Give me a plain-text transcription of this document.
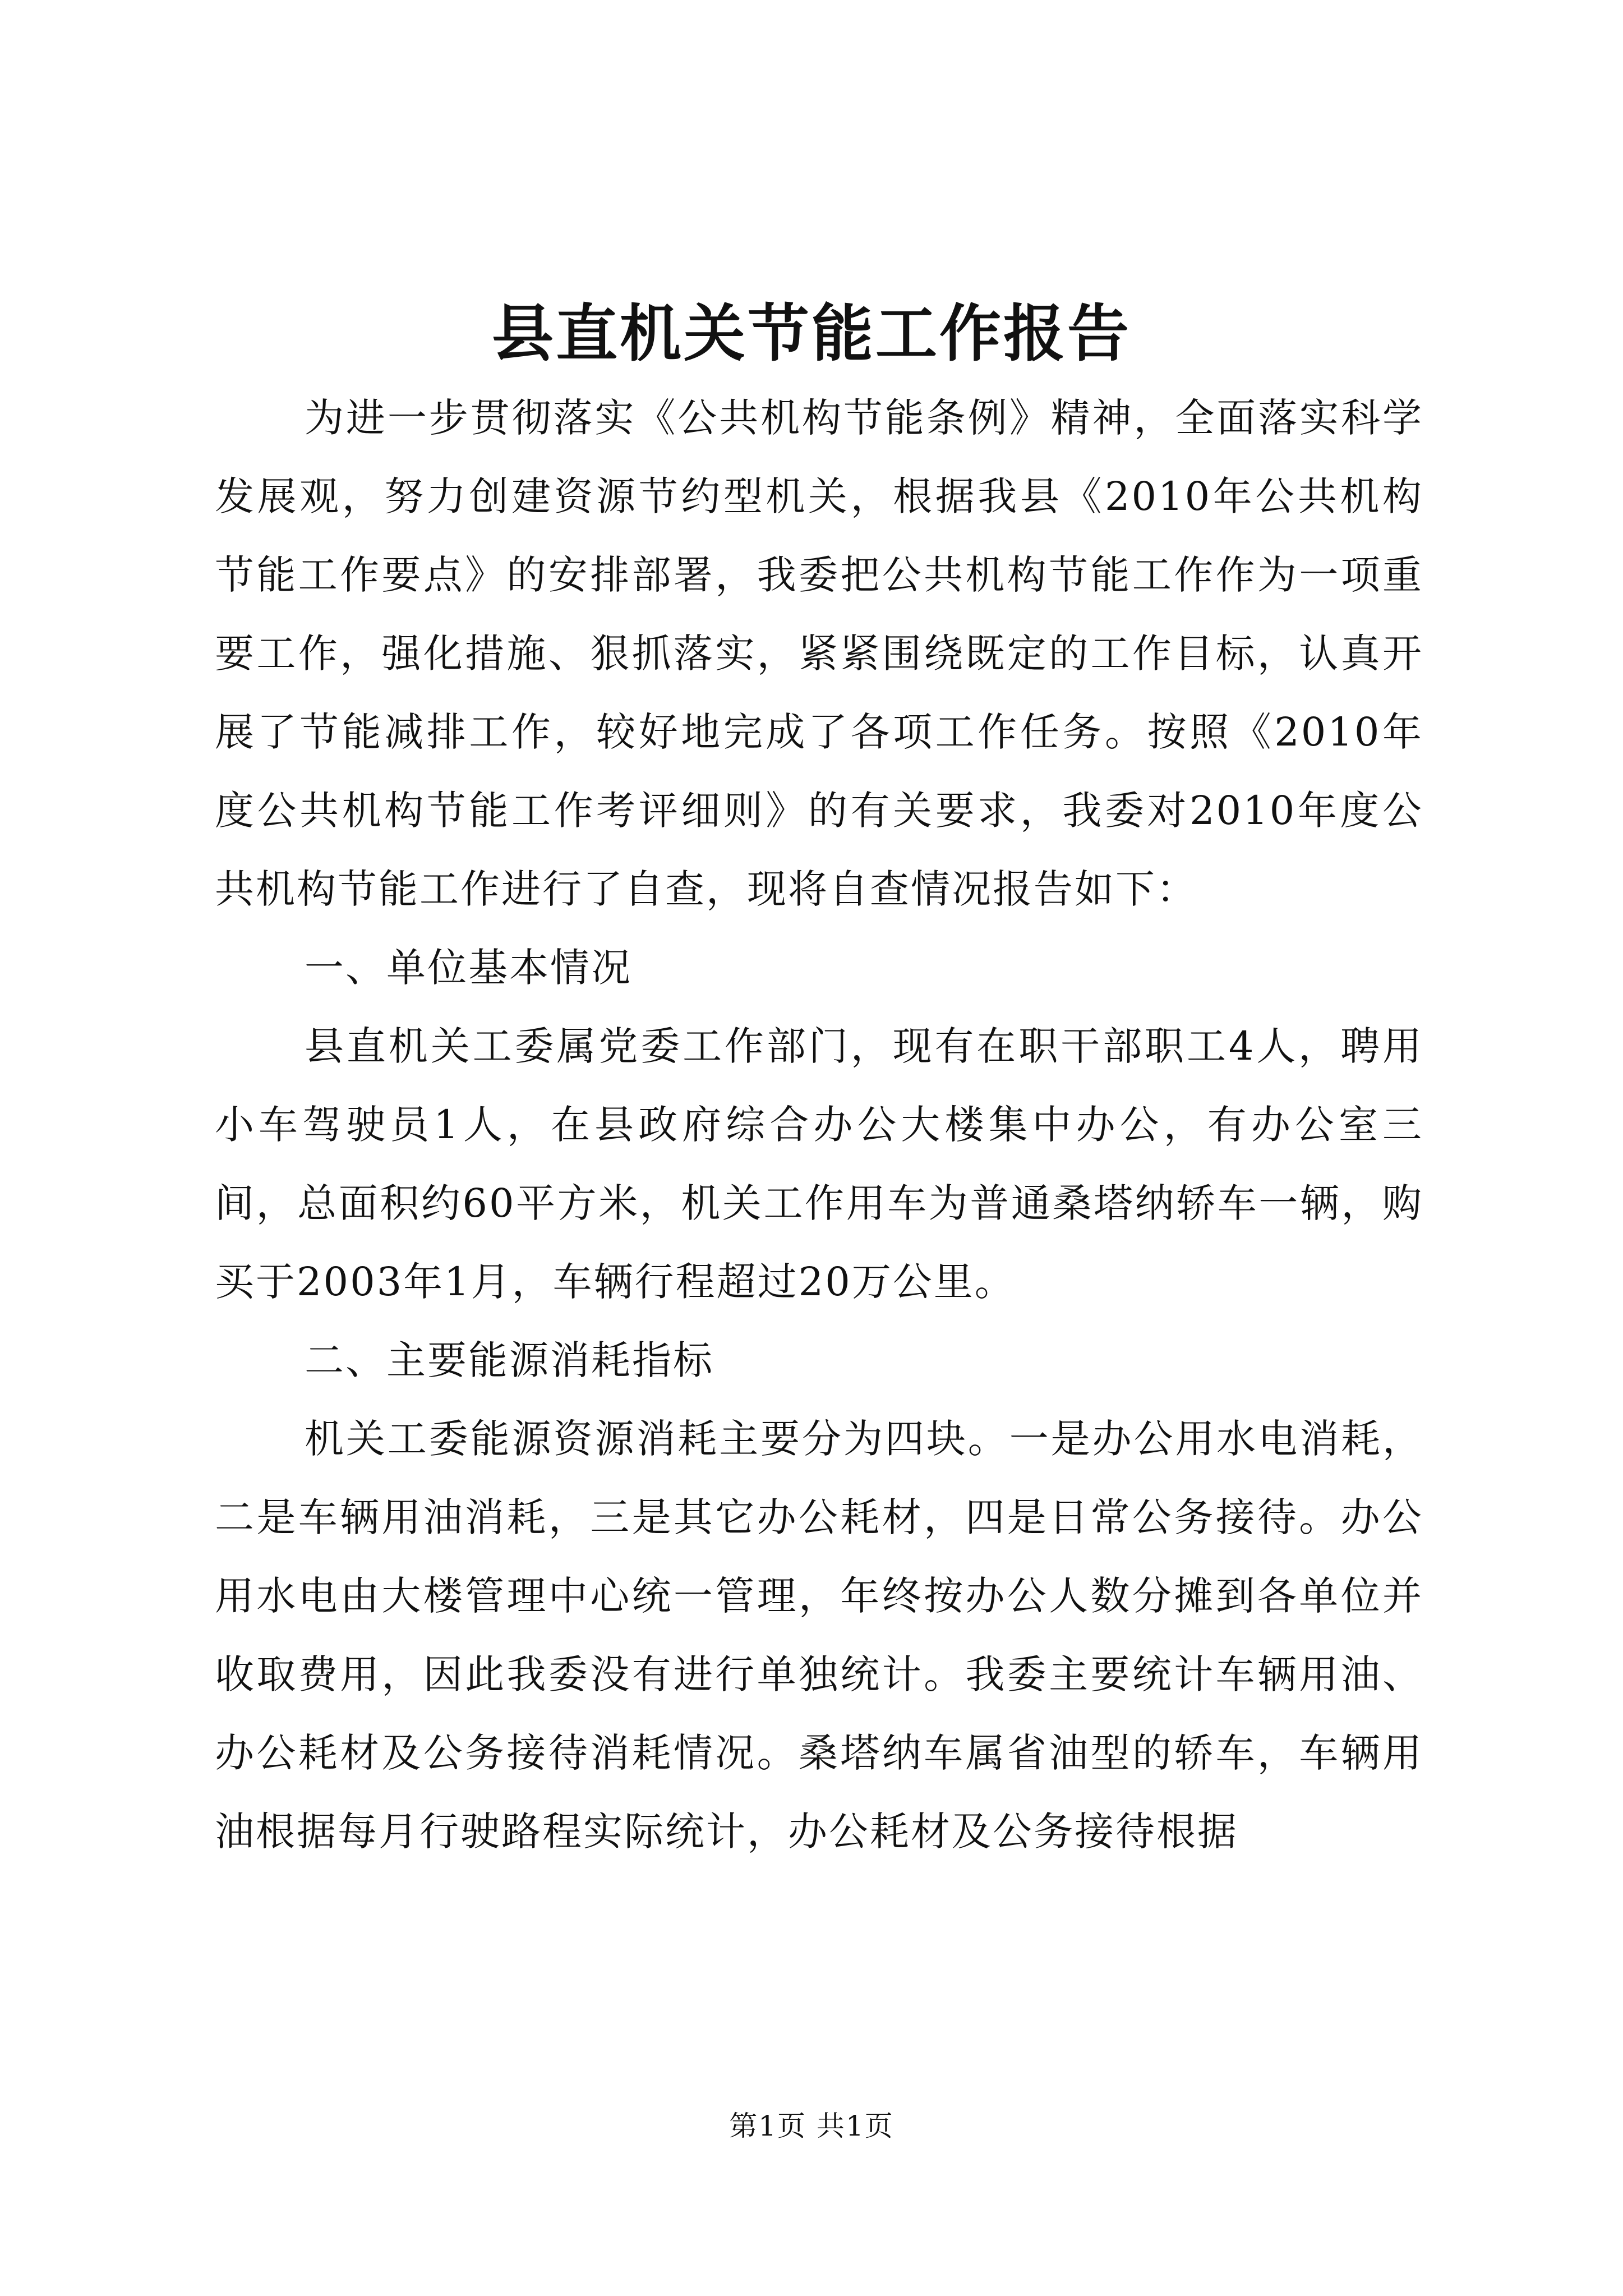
县直机关节能工作报告

为进一步贯彻落实《公共机构节能条例》精神，全面落实科学发展观，努力创建资源节约型机关，根据我县《2010年公共机构节能工作要点》的安排部署，我委把公共机构节能工作作为一项重要工作，强化措施、狠抓落实，紧紧围绕既定的工作目标，认真开展了节能减排工作，较好地完成了各项工作任务。按照《2010年度公共机构节能工作考评细则》的有关要求，我委对2010年度公共机构节能工作进行了自查，现将自查情况报告如下：

一、单位基本情况

县直机关工委属党委工作部门，现有在职干部职工4人，聘用小车驾驶员1人，在县政府综合办公大楼集中办公，有办公室三间，总面积约60平方米，机关工作用车为普通桑塔纳轿车一辆，购买于2003年1月，车辆行程超过20万公里。

二、主要能源消耗指标

机关工委能源资源消耗主要分为四块。一是办公用水电消耗，二是车辆用油消耗，三是其它办公耗材，四是日常公务接待。办公用水电由大楼管理中心统一管理，年终按办公人数分摊到各单位并收取费用，因此我委没有进行单独统计。我委主要统计车辆用油、办公耗材及公务接待消耗情况。桑塔纳车属省油型的轿车，车辆用油根据每月行驶路程实际统计，办公耗材及公务接待根据

第1页 共1页
